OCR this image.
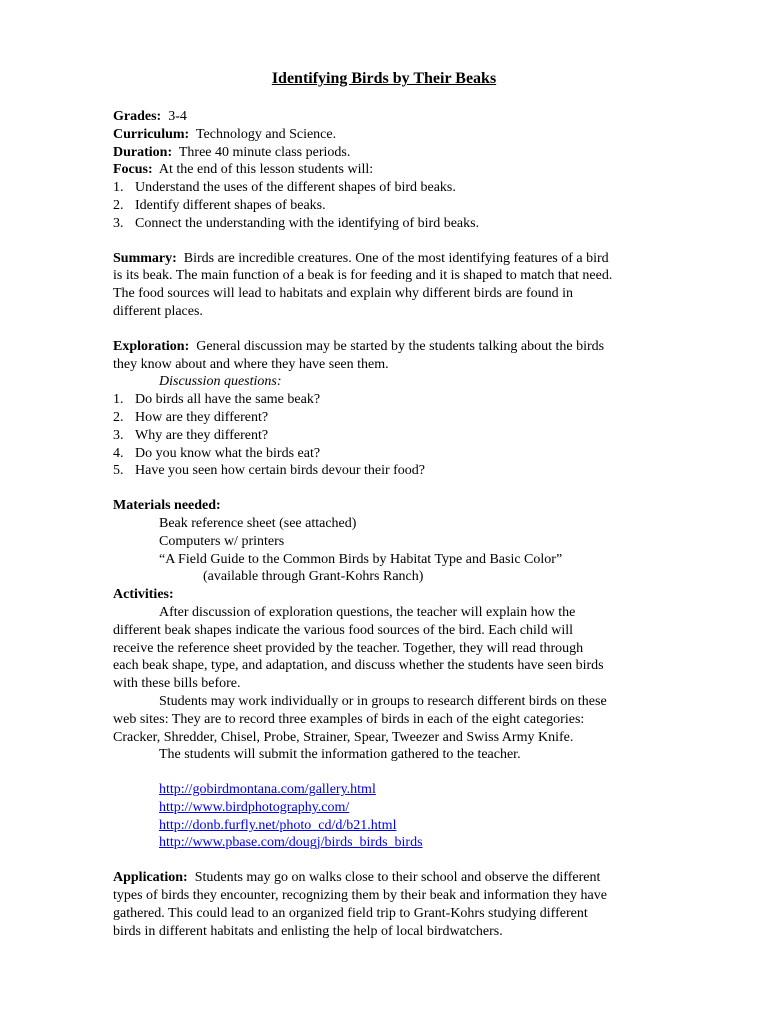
Identifying Birds by Their Beaks
Grades: 3-4
Curriculum: Technology and Science.
Duration: Three 40 minute class periods.
Focus: At the end of this lesson students will:
1. Understand the uses of the different shapes of bird beaks.
2. Identify different shapes of beaks.
3. Connect the understanding with the identifying of bird beaks.
Summary: Birds are incredible creatures. One of the most identifying features of a bird
is its beak. The main function of a beak is for feeding and it is shaped to match that need.
The food sources will lead to habitats and explain why different birds are found in
different places.
Exploration: General discussion may be started by the students talking about the birds
they know about and where they have seen them.
Discussion questions:
1. Do birds all have the same beak?
2. How are they different?
3. Why are they different?
4. Do you know what the birds eat?
5. Have you seen how certain birds devour their food?
Materials needed:
Beak reference sheet (see attached)
Computers w/ printers
“A Field Guide to the Common Birds by Habitat Type and Basic Color”
(available through Grant-Kohrs Ranch)
Activities:
After discussion of exploration questions, the teacher will explain how the
different beak shapes indicate the various food sources of the bird. Each child will
receive the reference sheet provided by the teacher. Together, they will read through
each beak shape, type, and adaptation, and discuss whether the students have seen birds
with these bills before.
Students may work individually or in groups to research different birds on these
web sites: They are to record three examples of birds in each of the eight categories:
Cracker, Shredder, Chisel, Probe, Strainer, Spear, Tweezer and Swiss Army Knife.
The students will submit the information gathered to the teacher.
http://gobirdmontana.com/gallery.html
http://www.birdphotography.com/
http://donb.furfly.net/photo_cd/d/b21.html
http://www.pbase.com/dougj/birds_birds_birds
Application: Students may go on walks close to their school and observe the different
types of birds they encounter, recognizing them by their beak and information they have
gathered. This could lead to an organized field trip to Grant-Kohrs studying different
birds in different habitats and enlisting the help of local birdwatchers.
